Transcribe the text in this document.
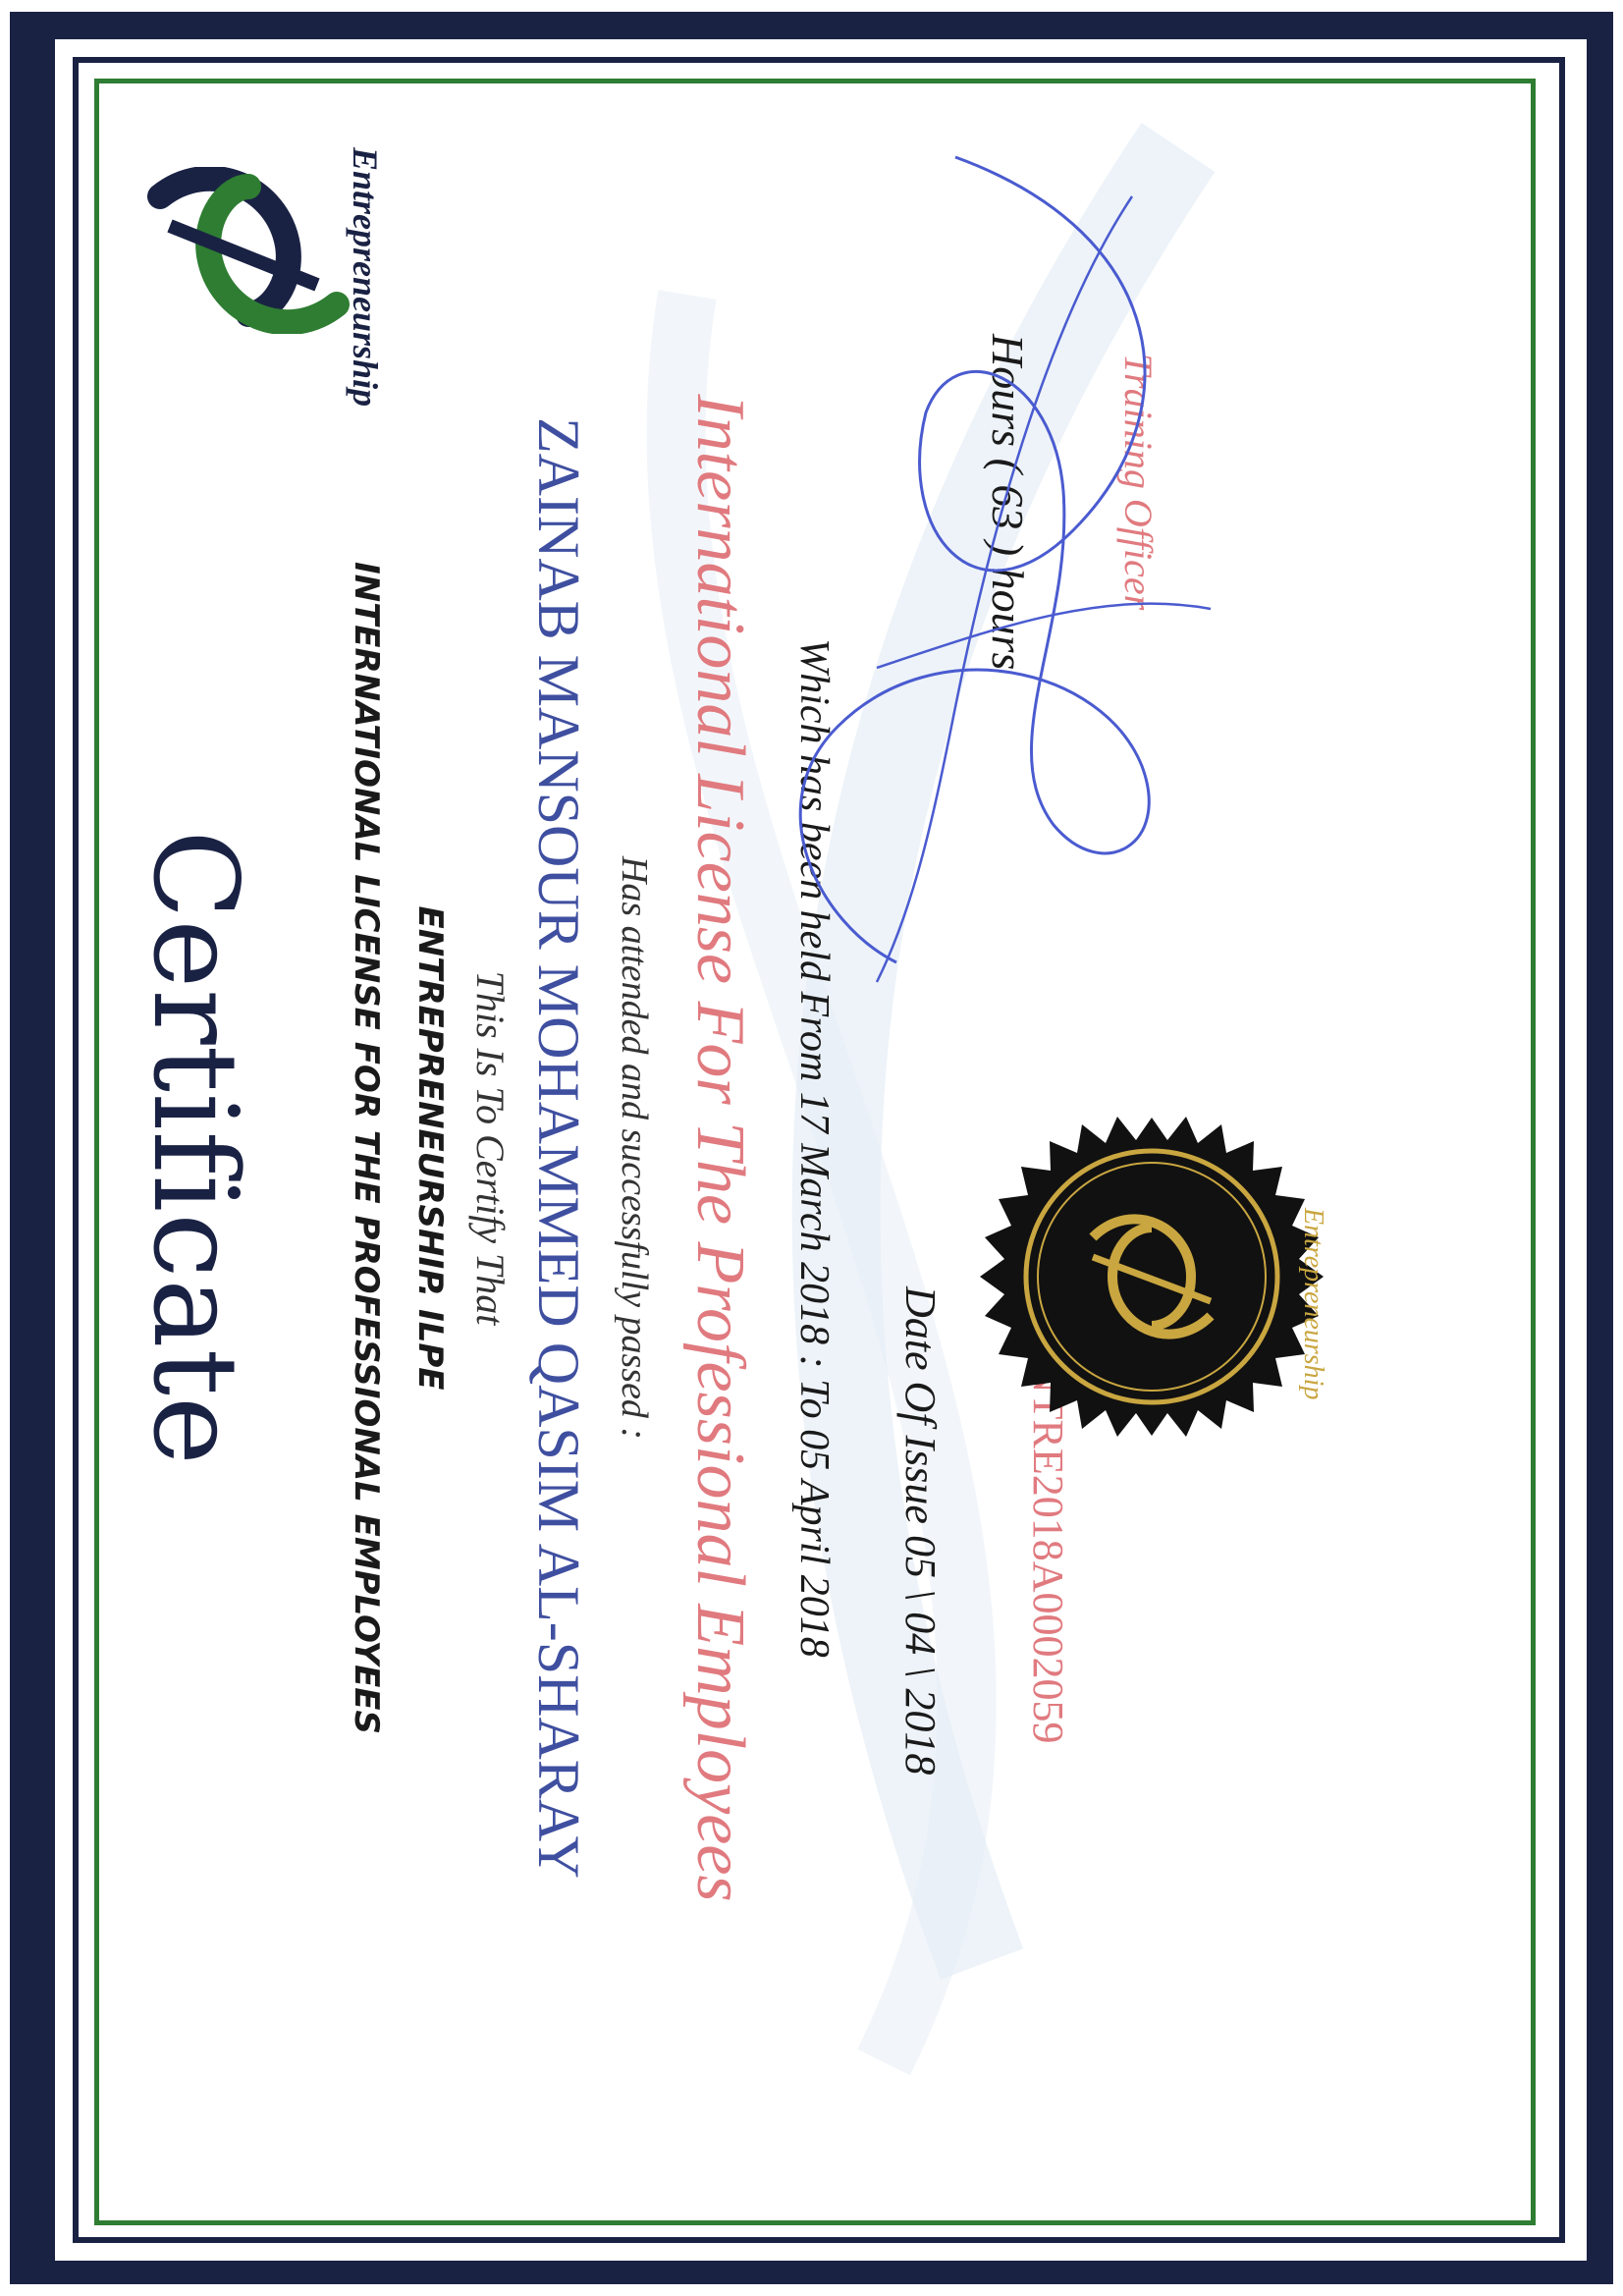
Entrepreneurship
Certificate	INTERNATIONAL LICENSE FOR THE PROFESSIONAL EMPLOYEES ENTREPRENEURSHIP. ILPE This Is To Certify That ZAINAB MANSOUR MOHAMMED QASIM AL-SHARAY Has attended and successfully passed : International License For The Professional Employees Which has been held From 17 March 2018 : To 05 April 2018 Date Of Issue 05 \ 04 \ 2018 ENTRE2018A0002059
Hours ( 63 ) hours Training Officer
Entrepreneurship
